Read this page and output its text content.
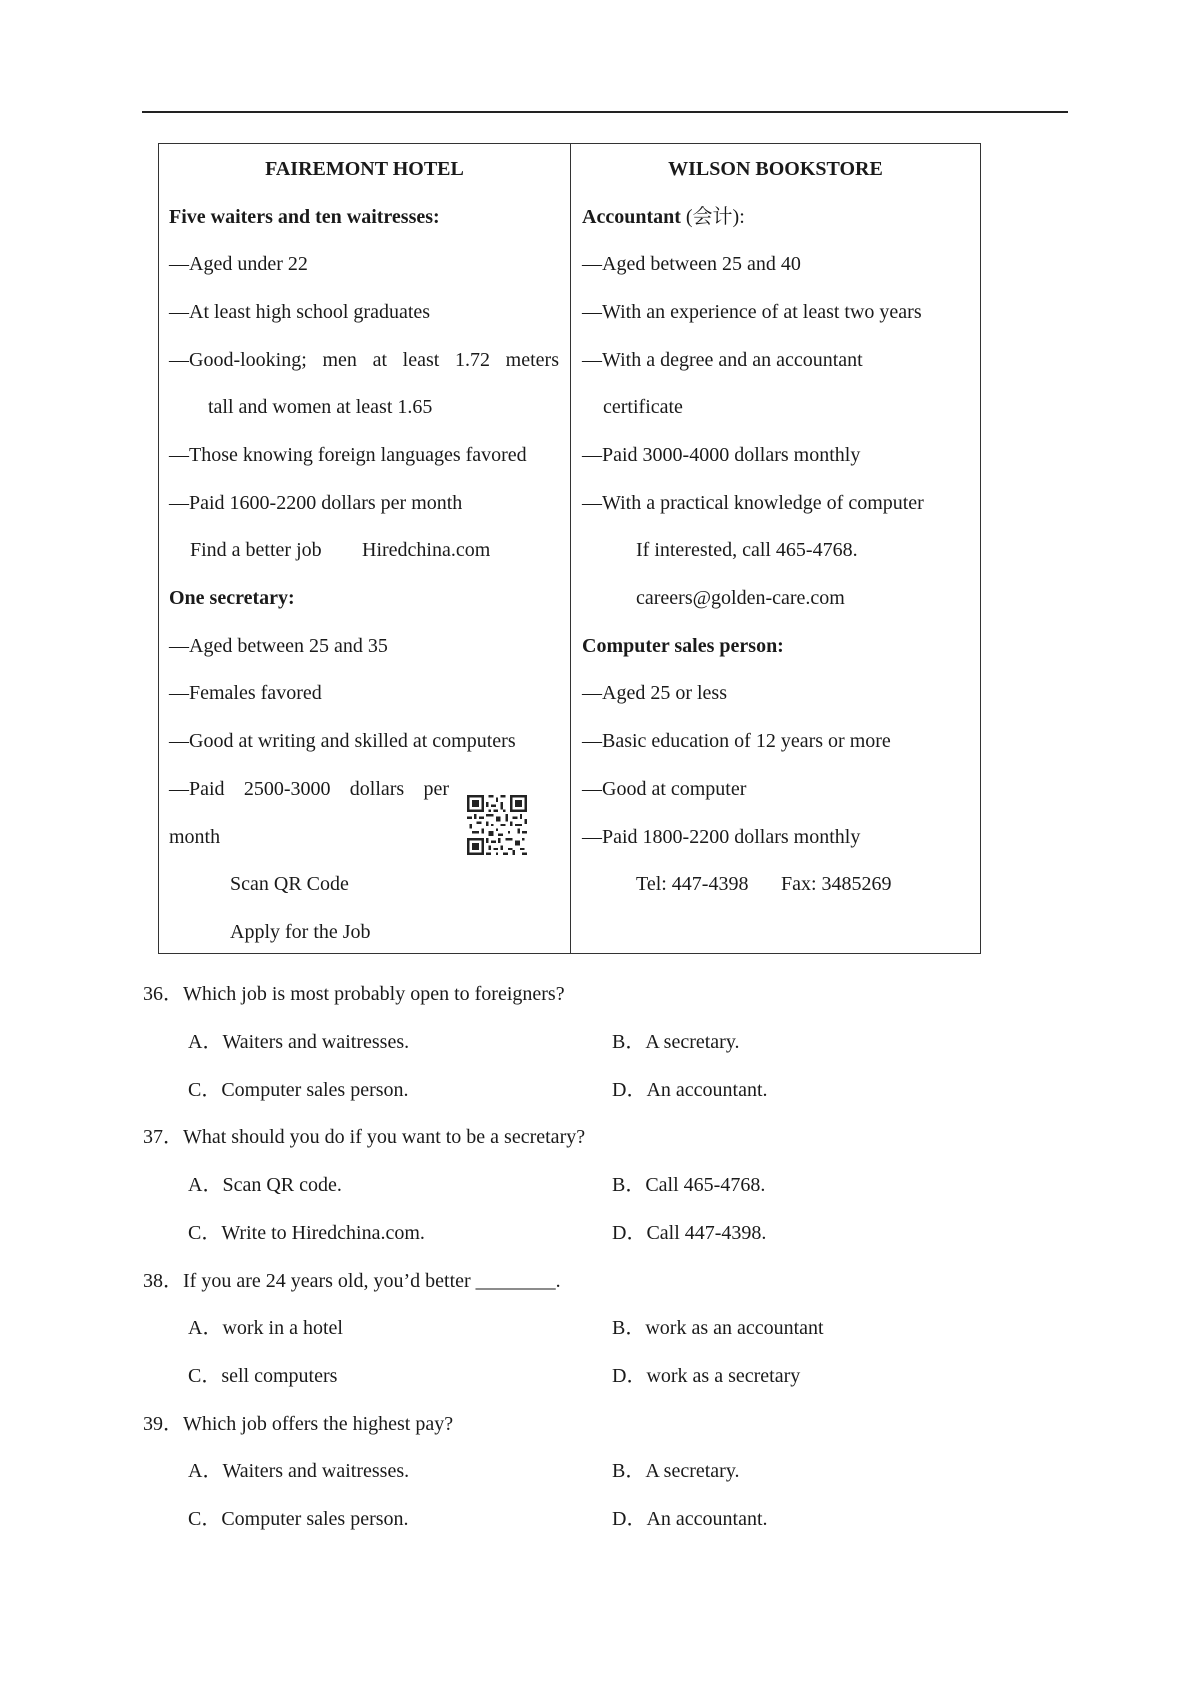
FAIREMONT HOTEL
Five waiters and ten waitresses:
—Aged under 22
—At least high school graduates
—Good-looking; men at least 1.72 meters
tall and women at least 1.65
—Those knowing foreign languages favored
—Paid 1600-2200 dollars per month
Find a better job Hiredchina.com
One secretary:
—Aged between 25 and 35
—Females favored
—Good at writing and skilled at computers
—Paid 2500-3000 dollars per
month
Scan QR Code
Apply for the Job
WILSON BOOKSTORE
Accountant (会计):
—Aged between 25 and 40
—With an experience of at least two years
—With a degree and an accountant
certificate
—Paid 3000-4000 dollars monthly
—With a practical knowledge of computer
If interested, call 465-4768.
careers@golden-care.com
Computer sales person:
—Aged 25 or less
—Basic education of 12 years or more
—Good at computer
—Paid 1800-2200 dollars monthly
Tel: 447-4398 Fax: 3485269
36．Which job is most probably open to foreigners?
A．Waiters and waitresses.	B．A secretary.
C．Computer sales person.	D．An accountant.
37．What should you do if you want to be a secretary?
A．Scan QR code.	B．Call 465-4768.
C．Write to Hiredchina.com.	D．Call 447-4398.
38．If you are 24 years old, you’d better ________.
A．work in a hotel	B．work as an accountant
C．sell computers	D．work as a secretary
39．Which job offers the highest pay?
A．Waiters and waitresses.	B．A secretary.
C．Computer sales person.	D．An accountant.
